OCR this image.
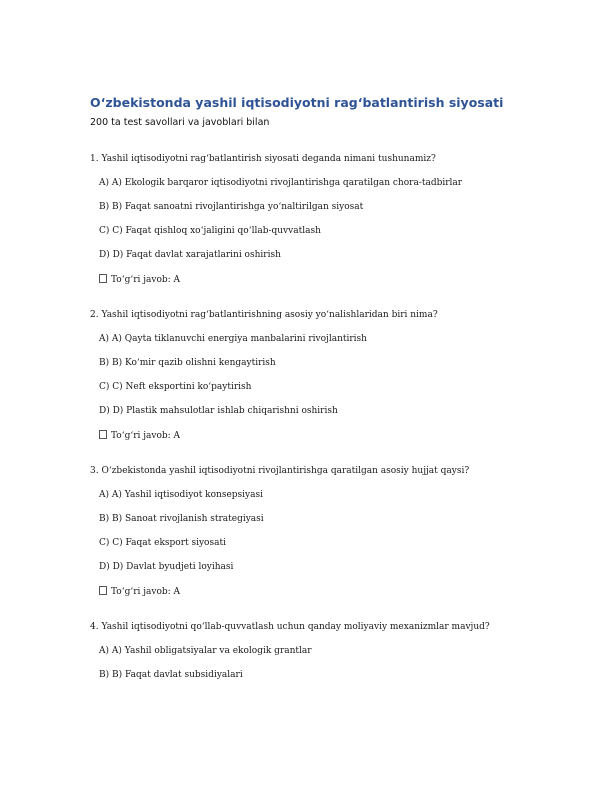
O‘zbekistonda yashil iqtisodiyotni rag‘batlantirish siyosati
200 ta test savollari va javoblari bilan
1. Yashil iqtisodiyotni rag‘batlantirish siyosati deganda nimani tushunamiz?
A) A) Ekologik barqaror iqtisodiyotni rivojlantirishga qaratilgan chora-tadbirlar
B) B) Faqat sanoatni rivojlantirishga yo‘naltirilgan siyosat
C) C) Faqat qishloq xo‘jaligini qo‘llab-quvvatlash
D) D) Faqat davlat xarajatlarini oshirish
To‘g‘ri javob: A
2. Yashil iqtisodiyotni rag‘batlantirishning asosiy yo‘nalishlaridan biri nima?
A) A) Qayta tiklanuvchi energiya manbalarini rivojlantirish
B) B) Ko‘mir qazib olishni kengaytirish
C) C) Neft eksportini ko‘paytirish
D) D) Plastik mahsulotlar ishlab chiqarishni oshirish
To‘g‘ri javob: A
3. O‘zbekistonda yashil iqtisodiyotni rivojlantirishga qaratilgan asosiy hujjat qaysi?
A) A) Yashil iqtisodiyot konsepsiyasi
B) B) Sanoat rivojlanish strategiyasi
C) C) Faqat eksport siyosati
D) D) Davlat byudjeti loyihasi
To‘g‘ri javob: A
4. Yashil iqtisodiyotni qo‘llab-quvvatlash uchun qanday moliyaviy mexanizmlar mavjud?
A) A) Yashil obligatsiyalar va ekologik grantlar
B) B) Faqat davlat subsidiyalari
